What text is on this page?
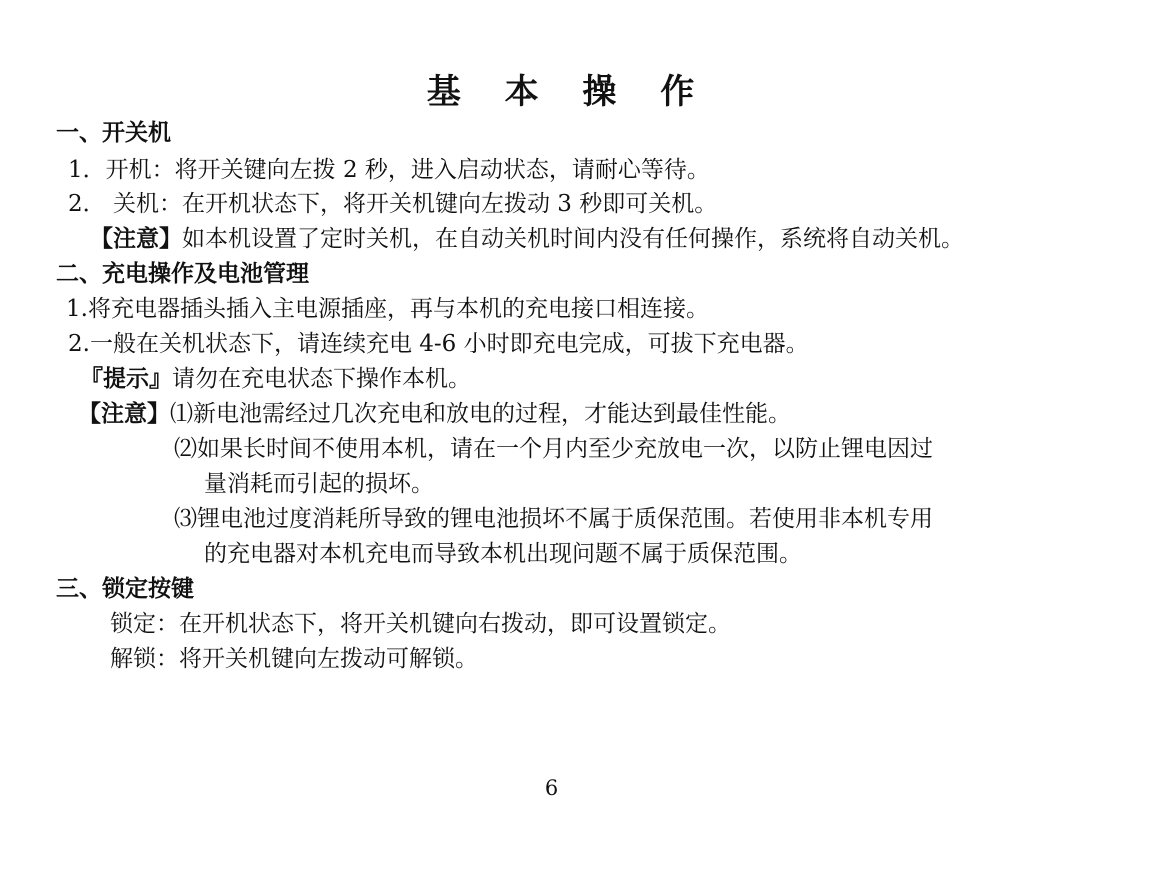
基 本 操 作
一、开关机
1．开机：将开关键向左拨 2 秒，进入启动状态，请耐心等待。
2． 关机：在开机状态下，将开关机键向左拨动 3 秒即可关机。
【注意】如本机设置了定时关机，在自动关机时间内没有任何操作，系统将自动关机。
二、充电操作及电池管理
1.将充电器插头插入主电源插座，再与本机的充电接口相连接。
2.一般在关机状态下，请连续充电 4-6 小时即充电完成，可拔下充电器。
『提示』请勿在充电状态下操作本机。
【注意】⑴新电池需经过几次充电和放电的过程，才能达到最佳性能。
⑵如果长时间不使用本机，请在一个月内至少充放电一次，以防止锂电因过
量消耗而引起的损坏。
⑶锂电池过度消耗所导致的锂电池损坏不属于质保范围。若使用非本机专用
的充电器对本机充电而导致本机出现问题不属于质保范围。
三、锁定按键
锁定：在开机状态下，将开关机键向右拨动，即可设置锁定。
解锁：将开关机键向左拨动可解锁。
6
